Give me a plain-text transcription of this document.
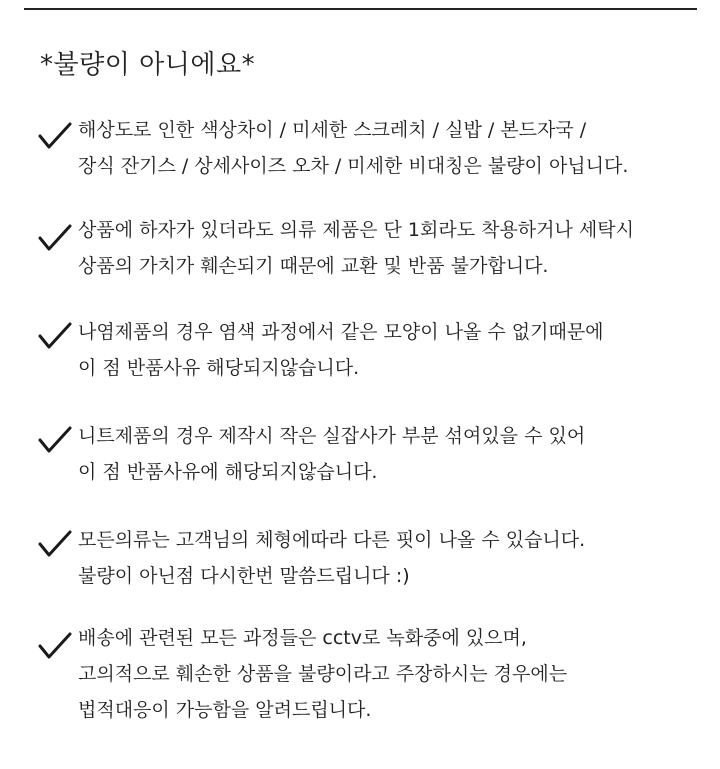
*불량이 아니에요*
해상도로 인한 색상차이 / 미세한 스크레치 / 실밥 / 본드자국 /
장식 잔기스 / 상세사이즈 오차 / 미세한 비대칭은 불량이 아닙니다.
상품에 하자가 있더라도 의류 제품은 단 1회라도 착용하거나 세탁시
상품의 가치가 훼손되기 때문에 교환 및 반품 불가합니다.
나염제품의 경우 염색 과정에서 같은 모양이 나올 수 없기때문에
이 점 반품사유 해당되지않습니다.
니트제품의 경우 제작시 작은 실잡사가 부분 섞여있을 수 있어
이 점 반품사유에 해당되지않습니다.
모든의류는 고객님의 체형에따라 다른 핏이 나올 수 있습니다.
불량이 아닌점 다시한번 말씀드립니다 :)
배송에 관련된 모든 과정들은 cctv로 녹화중에 있으며,
고의적으로 훼손한 상품을 불량이라고 주장하시는 경우에는
법적대응이 가능함을 알려드립니다.
